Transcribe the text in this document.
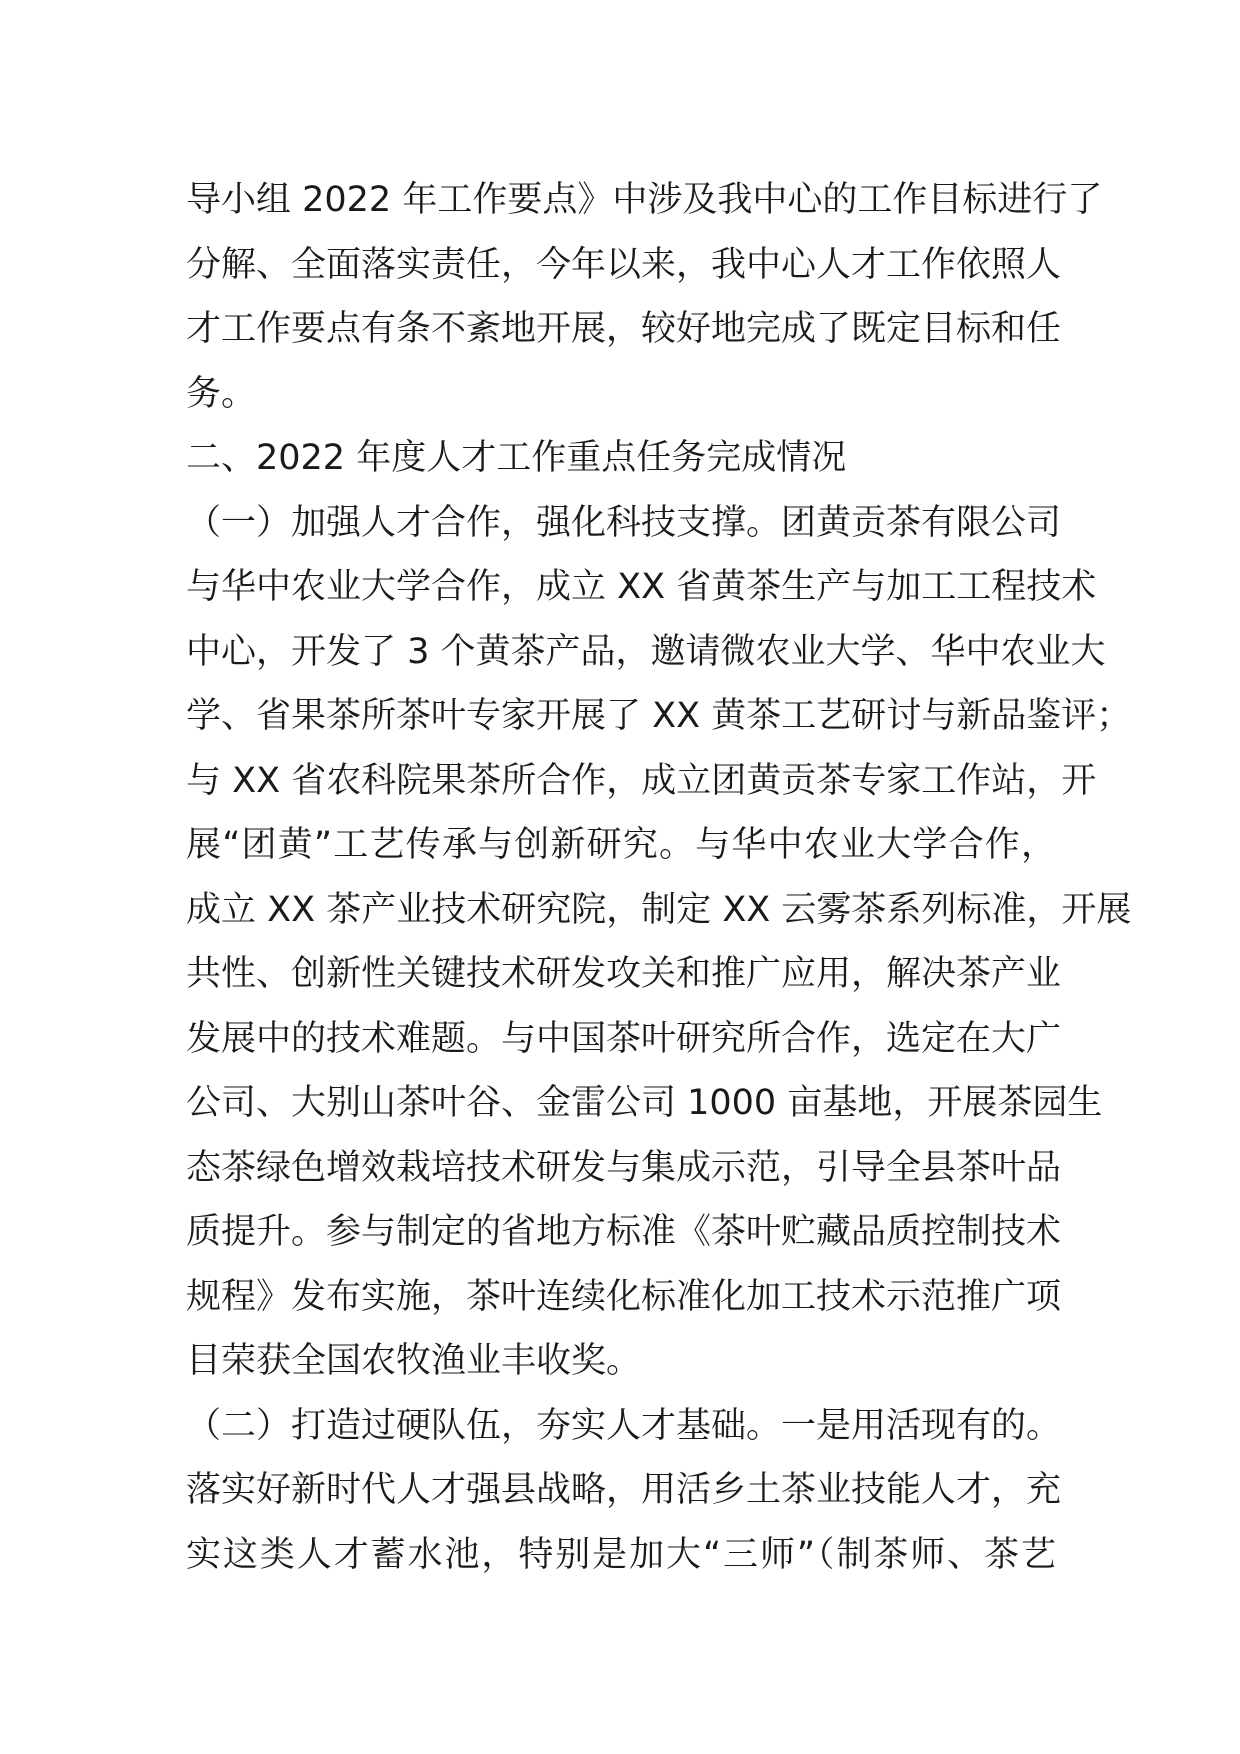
导小组 2022 年工作要点》中涉及我中心的工作目标进行了
分解、全面落实责任，今年以来，我中心人才工作依照人
才工作要点有条不紊地开展，较好地完成了既定目标和任
务。
二、2022 年度人才工作重点任务完成情况
（一）加强人才合作，强化科技支撑。团黄贡茶有限公司
与华中农业大学合作，成立 XX 省黄茶生产与加工工程技术
中心，开发了 3 个黄茶产品，邀请微农业大学、华中农业大
学、省果茶所茶叶专家开展了 XX 黄茶工艺研讨与新品鉴评；
与 XX 省农科院果茶所合作，成立团黄贡茶专家工作站，开
展“团黄”工艺传承与创新研究。与华中农业大学合作，
成立 XX 茶产业技术研究院，制定 XX 云雾茶系列标准，开展
共性、创新性关键技术研发攻关和推广应用，解决茶产业
发展中的技术难题。与中国茶叶研究所合作，选定在大广
公司、大别山茶叶谷、金雷公司 1000 亩基地，开展茶园生
态茶绿色增效栽培技术研发与集成示范，引导全县茶叶品
质提升。参与制定的省地方标准《茶叶贮藏品质控制技术
规程》发布实施，茶叶连续化标准化加工技术示范推广项
目荣获全国农牧渔业丰收奖。
（二）打造过硬队伍，夯实人才基础。一是用活现有的。
落实好新时代人才强县战略，用活乡土茶业技能人才，充
实这类人才蓄水池，特别是加大“三师”（制茶师、茶艺
